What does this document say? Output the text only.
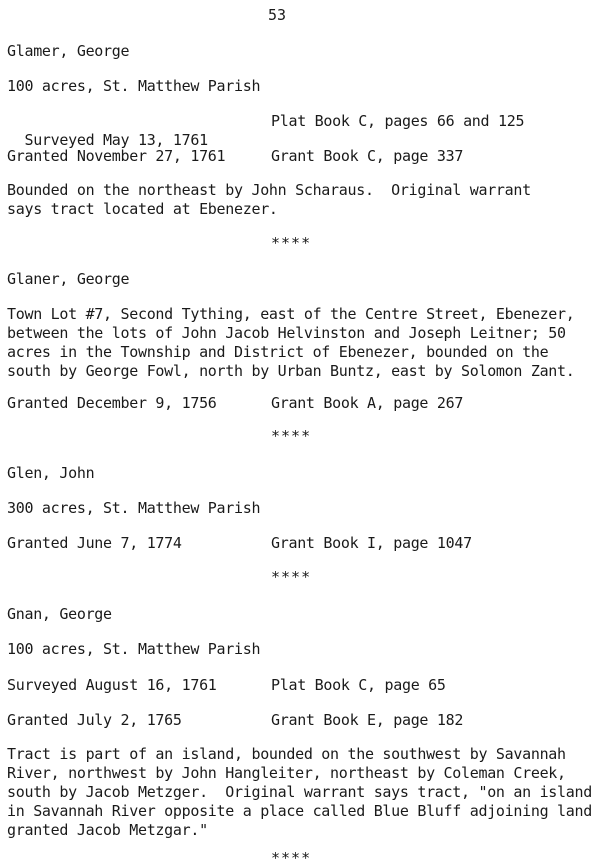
53
Glamer, George
100 acres, St. Matthew Parish

Surveyed May 13, 1761

Plat Book C, pages 66 and 125
Granted November 27, 1761	Grant Book C, page 337
Bounded on the northeast by John Scharaus.  Original warrant
says tract located at Ebenezer.
****
Glaner, George
Town Lot #7, Second Tything, east of the Centre Street, Ebenezer,
between the lots of John Jacob Helvinston and Joseph Leitner; 50
acres in the Township and District of Ebenezer, bounded on the
south by George Fowl, north by Urban Buntz, east by Solomon Zant.
Granted December 9, 1756	Grant Book A, page 267
****
Glen, John
300 acres, St. Matthew Parish
Granted June 7, 1774	Grant Book I, page 1047
****
Gnan, George
100 acres, St. Matthew Parish
Surveyed August 16, 1761	Plat Book C, page 65
Granted July 2, 1765	Grant Book E, page 182
Tract is part of an island, bounded on the southwest by Savannah
River, northwest by John Hangleiter, northeast by Coleman Creek,
south by Jacob Metzger.  Original warrant says tract, "on an island
in Savannah River opposite a place called Blue Bluff adjoining land
granted Jacob Metzgar."
****
